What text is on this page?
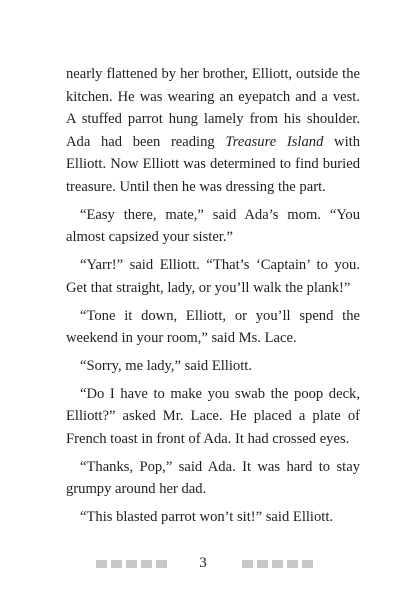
nearly flattened by her brother, Elliott, outside the kitchen. He was wearing an eyepatch and a vest. A stuffed parrot hung lamely from his shoulder. Ada had been reading Treasure Island with Elliott. Now Elliott was determined to find buried treasure. Until then he was dressing the part.

“Easy there, mate,” said Ada’s mom. “You almost capsized your sister.”

“Yarr!” said Elliott. “That’s ‘Captain’ to you. Get that straight, lady, or you’ll walk the plank!”

“Tone it down, Elliott, or you’ll spend the weekend in your room,” said Ms. Lace.

“Sorry, me lady,” said Elliott.

“Do I have to make you swab the poop deck, Elliott?” asked Mr. Lace. He placed a plate of French toast in front of Ada. It had crossed eyes.

“Thanks, Pop,” said Ada. It was hard to stay grumpy around her dad.

“This blasted parrot won’t sit!” said Elliott.

3
